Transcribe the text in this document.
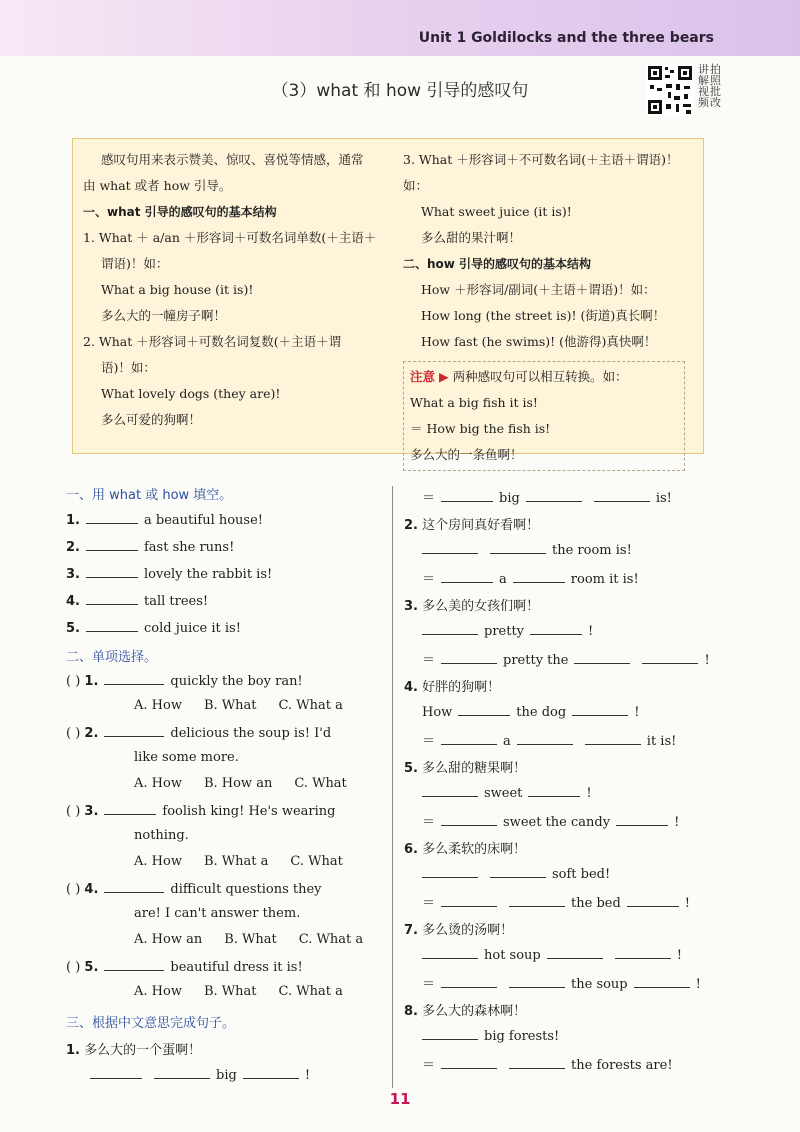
Unit 1 Goldilocks and the three bears
（3）what 和 how 引导的感叹句
讲拍解照视批频改

感叹句用来表示赞美、惊叹、喜悦等情感，通常

由 what 或者 how 引导。

一、what 引导的感叹句的基本结构

1. What ＋ a/an ＋形容词＋可数名词单数(＋主语＋

谓语)！如：

What a big house (it is)!

多么大的一幢房子啊！

2. What ＋形容词＋可数名词复数(＋主语＋谓

语)！如：

What lovely dogs (they are)!

多么可爱的狗啊！

3. What ＋形容词＋不可数名词(＋主语＋谓语)！如：

What sweet juice (it is)!

多么甜的果汁啊！

二、how 引导的感叹句的基本结构

How ＋形容词/副词(＋主语＋谓语)！如：

How long (the street is)! (街道)真长啊！

How fast (he swims)! (他游得)真快啊！

注意 ▶ 两种感叹句可以相互转换。如：

What a big fish it is!

＝ How big the fish is!

多么大的一条鱼啊！

一、用 what 或 how 填空。
1.	a beautiful house!
2.	fast she runs!
3.	lovely the rabbit is!
4.	tall trees!
5.	cold juice it is!
二、单项选择。
( ) 1.	quickly the boy ran!
A. How B. What C. What a
( ) 2.	delicious the soup is! I'd
like some more.
A. How B. How an C. What
( ) 3.	foolish king! He's wearing
nothing.
A. How B. What a C. What
( ) 4.	difficult questions they
are! I can't answer them.
A. How an B. What C. What a
( ) 5.	beautiful dress it is!
A. How B. What C. What a
三、根据中文意思完成句子。
1. 多么大的一个蛋啊！
big	!
＝	big	is!
2. 这个房间真好看啊！
the room is!
＝	a	room it is!
3. 多么美的女孩们啊！
pretty	!
＝	pretty the	!
4. 好胖的狗啊！
How	the dog	!
＝	a	it is!
5. 多么甜的糖果啊！
sweet	!
＝	sweet the candy	!
6. 多么柔软的床啊！
soft bed!
＝	the bed	!
7. 多么烫的汤啊！
hot soup	!
＝	the soup	!
8. 多么大的森林啊！
big forests!
＝	the forests are!
11
